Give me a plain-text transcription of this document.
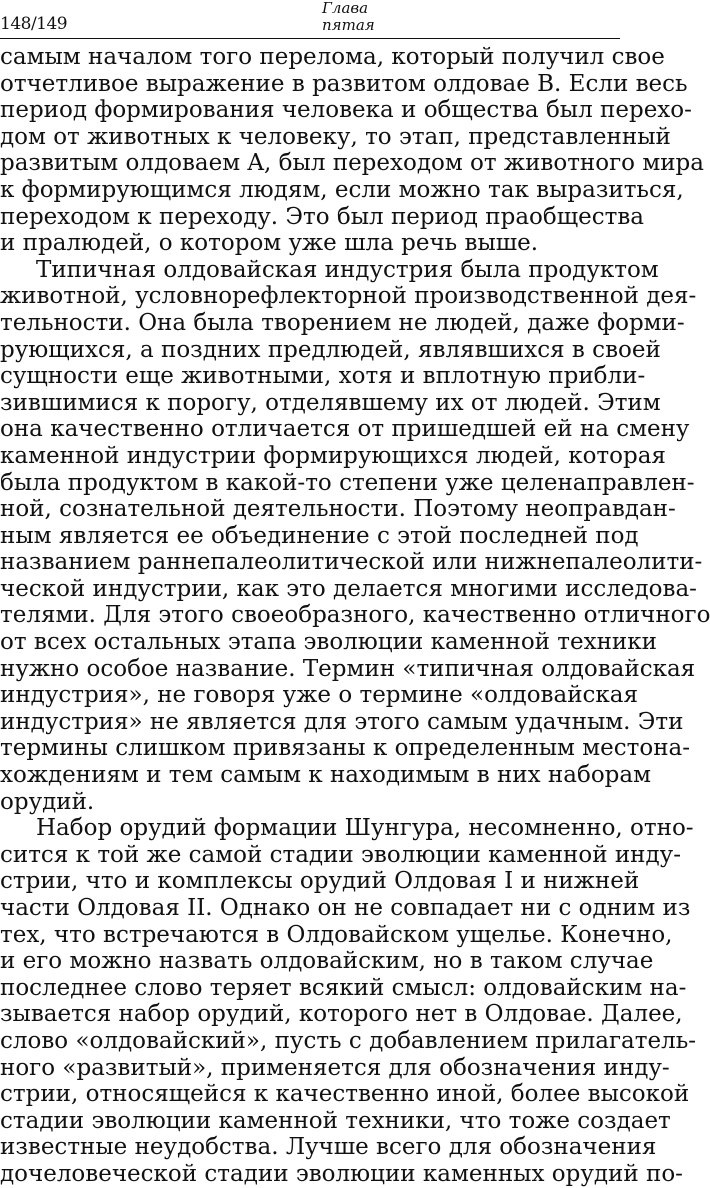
148/149
Глава
пятая
самым началом того перелома, который получил свое
отчетливое выражение в развитом олдовае B. Если весь
период формирования человека и общества был перехо-
дом от животных к человеку, то этап, представленный
развитым олдоваем A, был переходом от животного мира
к формирующимся людям, если можно так выразиться,
переходом к переходу. Это был период праобщества
и пралюдей, о котором уже шла речь выше.
Типичная олдовайская индустрия была продуктом
животной, условнорефлекторной производственной дея-
тельности. Она была творением не людей, даже форми-
рующихся, а поздних предлюдей, являвшихся в своей
сущности еще животными, хотя и вплотную прибли-
зившимися к порогу, отделявшему их от людей. Этим
она качественно отличается от пришедшей ей на смену
каменной индустрии формирующихся людей, которая
была продуктом в какой-то степени уже целенаправлен-
ной, сознательной деятельности. Поэтому неоправдан-
ным является ее объединение с этой последней под
названием раннепалеолитической или нижнепалеолити-
ческой индустрии, как это делается многими исследова-
телями. Для этого своеобразного, качественно отличного
от всех остальных этапа эволюции каменной техники
нужно особое название. Термин «типичная олдовайская
индустрия», не говоря уже о термине «олдовайская
индустрия» не является для этого самым удачным. Эти
термины слишком привязаны к определенным местона-
хождениям и тем самым к находимым в них наборам
орудий.
Набор орудий формации Шунгура, несомненно, отно-
сится к той же самой стадии эволюции каменной инду-
стрии, что и комплексы орудий Олдовая I и нижней
части Олдовая II. Однако он не совпадает ни с одним из
тех, что встречаются в Олдовайском ущелье. Конечно,
и его можно назвать олдовайским, но в таком случае
последнее слово теряет всякий смысл: олдовайским на-
зывается набор орудий, которого нет в Олдовае. Далее,
слово «олдовайский», пусть с добавлением прилагатель-
ного «развитый», применяется для обозначения инду-
стрии, относящейся к качественно иной, более высокой
стадии эволюции каменной техники, что тоже создает
известные неудобства. Лучше всего для обозначения
дочеловеческой стадии эволюции каменных орудий по-
